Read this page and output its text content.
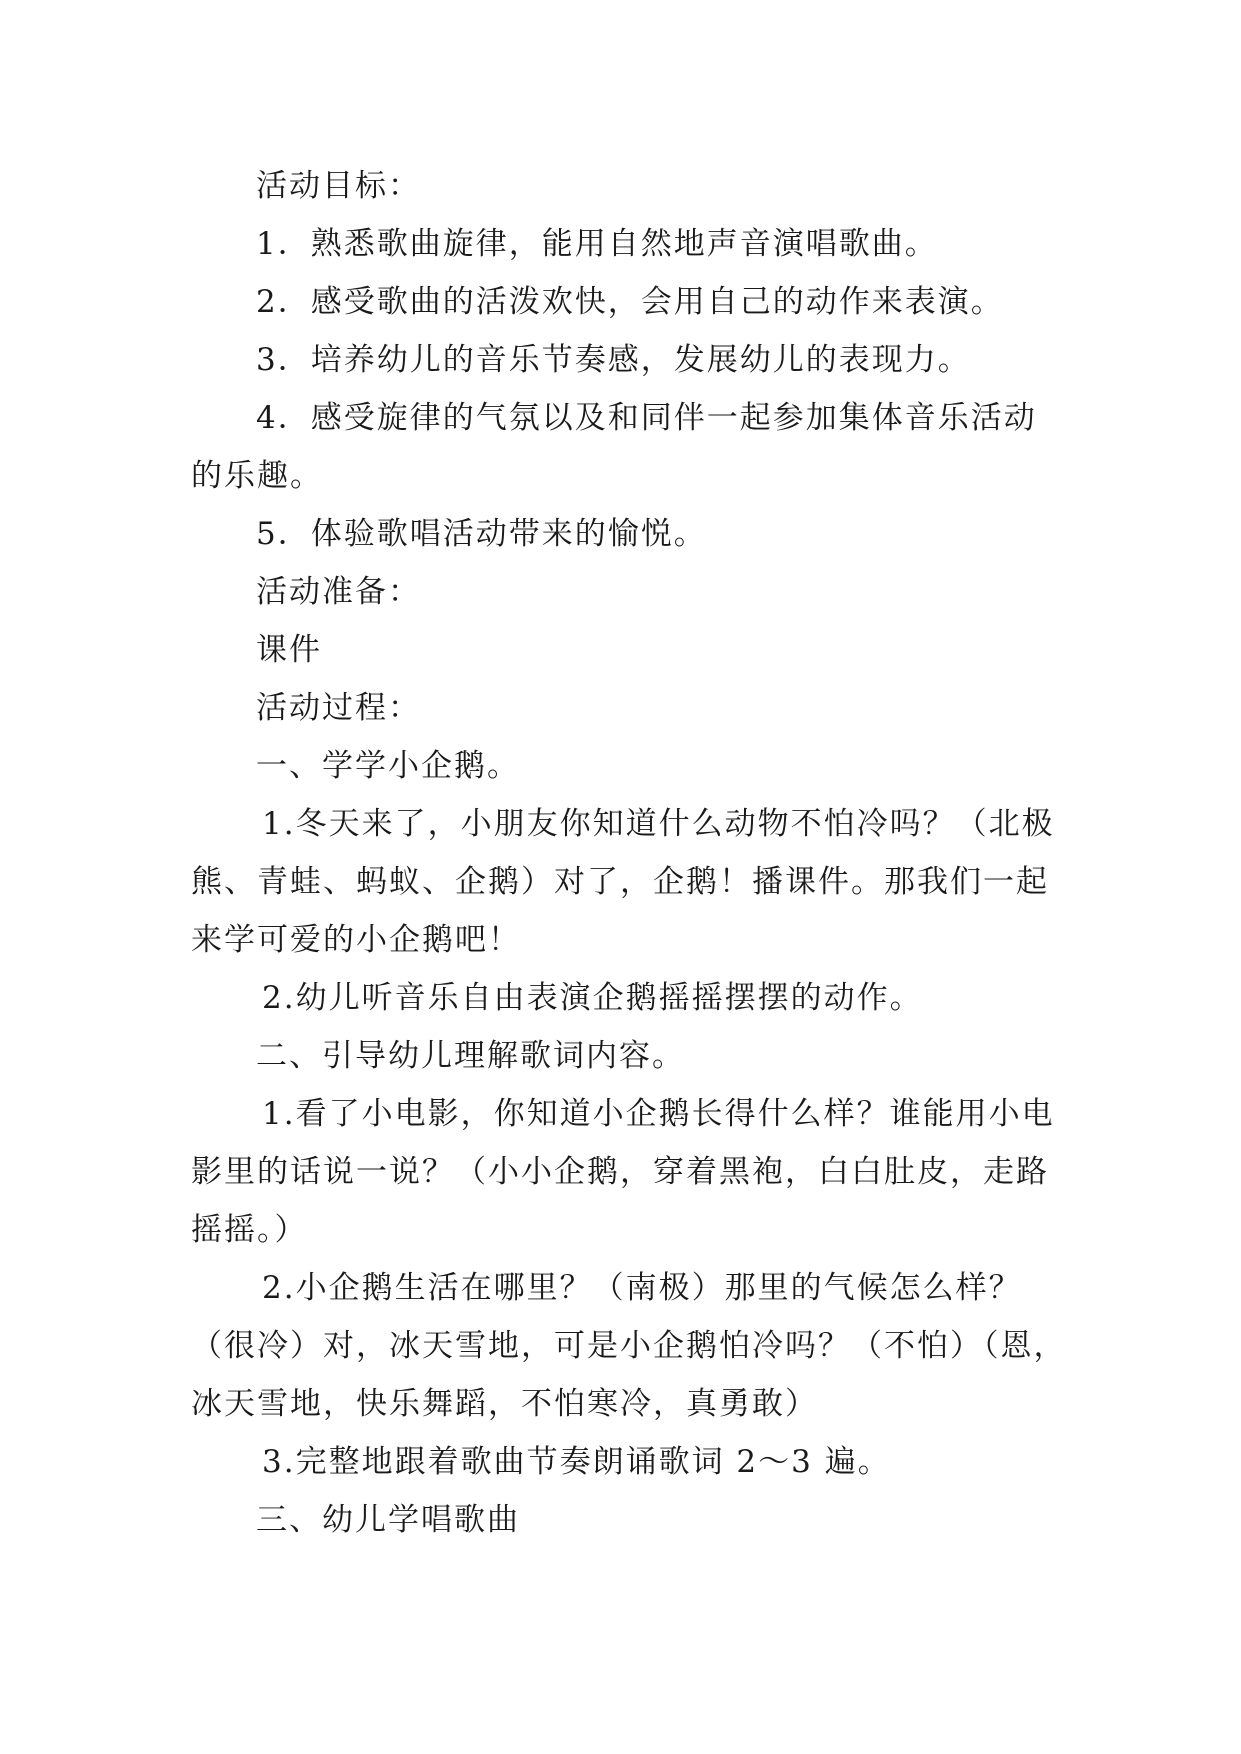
活动目标：

1．熟悉歌曲旋律，能用自然地声音演唱歌曲。

2．感受歌曲的活泼欢快，会用自己的动作来表演。

3．培养幼儿的音乐节奏感，发展幼儿的表现力。

4．感受旋律的气氛以及和同伴一起参加集体音乐活动

的乐趣。

5．体验歌唱活动带来的愉悦。

活动准备：

课件

活动过程：

一、学学小企鹅。

1.冬天来了，小朋友你知道什么动物不怕冷吗？（北极

熊、青蛙、蚂蚁、企鹅）对了，企鹅！播课件。那我们一起

来学可爱的小企鹅吧！

2.幼儿听音乐自由表演企鹅摇摇摆摆的动作。

二、引导幼儿理解歌词内容。

1.看了小电影，你知道小企鹅长得什么样？谁能用小电

影里的话说一说？（小小企鹅，穿着黑袍，白白肚皮，走路

摇摇。）

2.小企鹅生活在哪里？（南极）那里的气候怎么样？

（很冷）对，冰天雪地，可是小企鹅怕冷吗？（不怕）（恩，

冰天雪地，快乐舞蹈，不怕寒冷，真勇敢）

3.完整地跟着歌曲节奏朗诵歌词 2～3 遍。

三、幼儿学唱歌曲
